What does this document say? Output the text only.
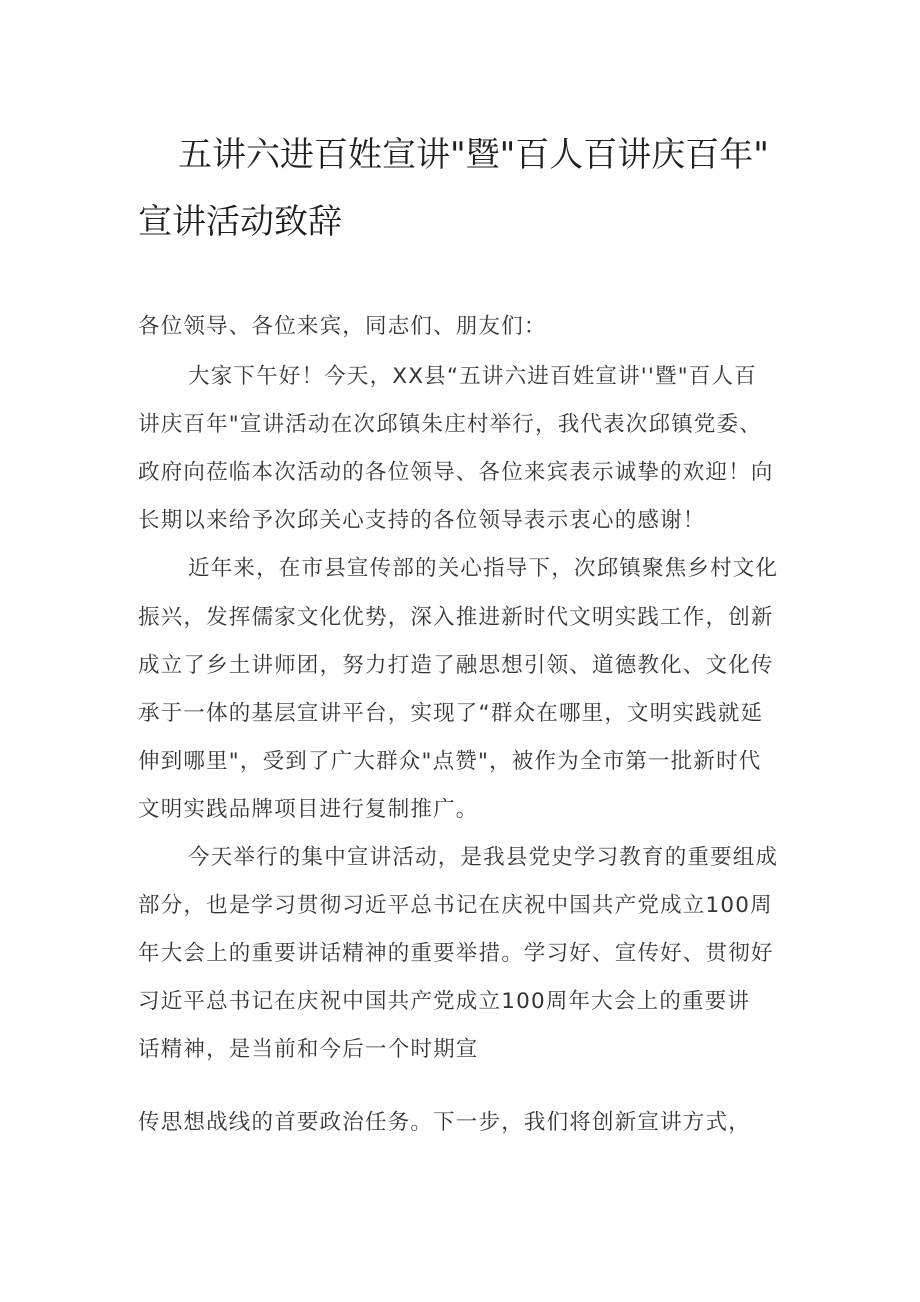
五讲六进百姓宣讲"暨"百人百讲庆百年"
宣讲活动致辞
各位领导、各位来宾，同志们、朋友们：
大家下午好！今天，XX县“五讲六进百姓宣讲''暨"百人百
讲庆百年"宣讲活动在次邱镇朱庄村举行，我代表次邱镇党委、
政府向莅临本次活动的各位领导、各位来宾表示诚挚的欢迎！向
长期以来给予次邱关心支持的各位领导表示衷心的感谢！
近年来，在市县宣传部的关心指导下，次邱镇聚焦乡村文化
振兴，发挥儒家文化优势，深入推进新时代文明实践工作，创新
成立了乡土讲师团，努力打造了融思想引领、道德教化、文化传
承于一体的基层宣讲平台，实现了“群众在哪里，文明实践就延
伸到哪里"，受到了广大群众"点赞"，被作为全市第一批新时代
文明实践品牌项目进行复制推广。
今天举行的集中宣讲活动，是我县党史学习教育的重要组成
部分，也是学习贯彻习近平总书记在庆祝中国共产党成立100周
年大会上的重要讲话精神的重要举措。学习好、宣传好、贯彻好
习近平总书记在庆祝中国共产党成立100周年大会上的重要讲
话精神，是当前和今后一个时期宣
传思想战线的首要政治任务。下一步，我们将创新宣讲方式，
